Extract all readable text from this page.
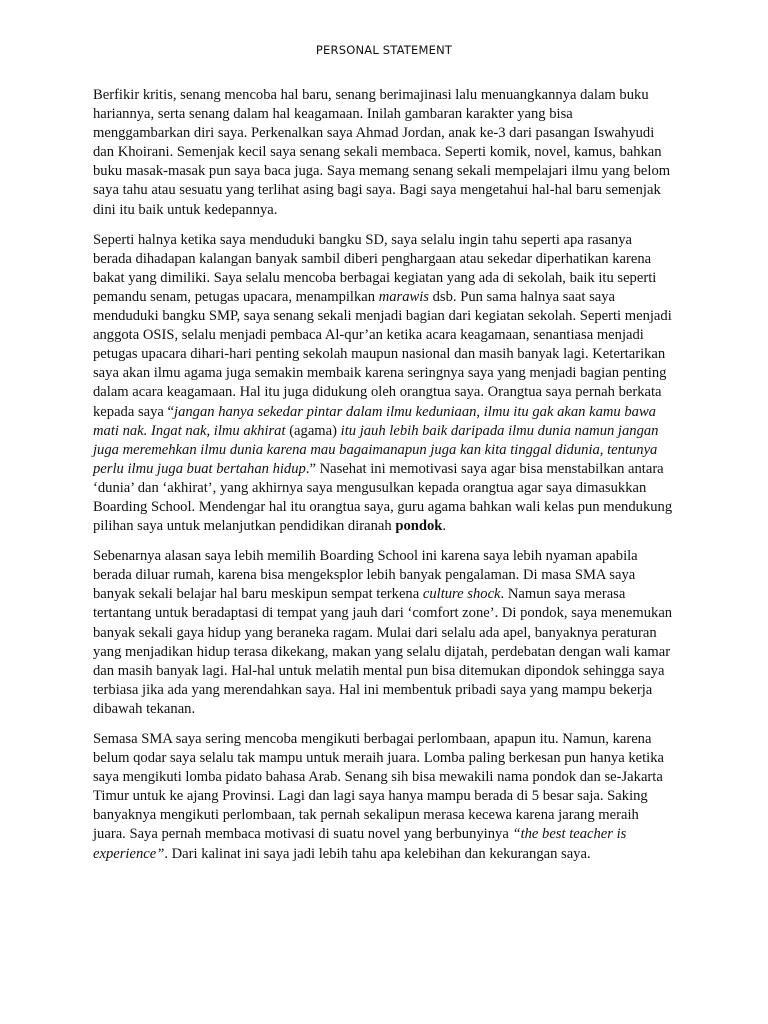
PERSONAL STATEMENT

Berfikir kritis, senang mencoba hal baru, senang berimajinasi lalu menuangkannya dalam buku hariannya, serta senang dalam hal keagamaan. Inilah gambaran karakter yang bisa menggambarkan diri saya. Perkenalkan saya Ahmad Jordan, anak ke-3 dari pasangan Iswahyudi dan Khoirani. Semenjak kecil saya senang sekali membaca. Seperti komik, novel, kamus, bahkan buku masak-masak pun saya baca juga. Saya memang senang sekali mempelajari ilmu yang belom saya tahu atau sesuatu yang terlihat asing bagi saya. Bagi saya mengetahui hal-hal baru semenjak dini itu baik untuk kedepannya.

Seperti halnya ketika saya menduduki bangku SD, saya selalu ingin tahu seperti apa rasanya berada dihadapan kalangan banyak sambil diberi penghargaan atau sekedar diperhatikan karena bakat yang dimiliki. Saya selalu mencoba berbagai kegiatan yang ada di sekolah, baik itu seperti pemandu senam, petugas upacara, menampilkan marawis dsb. Pun sama halnya saat saya menduduki bangku SMP, saya senang sekali menjadi bagian dari kegiatan sekolah. Seperti menjadi anggota OSIS, selalu menjadi pembaca Al-qur’an ketika acara keagamaan, senantiasa menjadi petugas upacara dihari-hari penting sekolah maupun nasional dan masih banyak lagi. Ketertarikan saya akan ilmu agama juga semakin membaik karena seringnya saya yang menjadi bagian penting dalam acara keagamaan. Hal itu juga didukung oleh orangtua saya. Orangtua saya pernah berkata kepada saya “jangan hanya sekedar pintar dalam ilmu keduniaan, ilmu itu gak akan kamu bawa mati nak. Ingat nak, ilmu akhirat (agama) itu jauh lebih baik daripada ilmu dunia namun jangan juga meremehkan ilmu dunia karena mau bagaimanapun juga kan kita tinggal didunia, tentunya perlu ilmu juga buat bertahan hidup.” Nasehat ini memotivasi saya agar bisa menstabilkan antara ‘dunia’ dan ‘akhirat’, yang akhirnya saya mengusulkan kepada orangtua agar saya dimasukkan Boarding School. Mendengar hal itu orangtua saya, guru agama bahkan wali kelas pun mendukung pilihan saya untuk melanjutkan pendidikan diranah pondok.

Sebenarnya alasan saya lebih memilih Boarding School ini karena saya lebih nyaman apabila berada diluar rumah, karena bisa mengeksplor lebih banyak pengalaman. Di masa SMA saya banyak sekali belajar hal baru meskipun sempat terkena culture shock. Namun saya merasa tertantang untuk beradaptasi di tempat yang jauh dari ‘comfort zone’. Di pondok, saya menemukan banyak sekali gaya hidup yang beraneka ragam. Mulai dari selalu ada apel, banyaknya peraturan yang menjadikan hidup terasa dikekang, makan yang selalu dijatah, perdebatan dengan wali kamar dan masih banyak lagi. Hal-hal untuk melatih mental pun bisa ditemukan dipondok sehingga saya terbiasa jika ada yang merendahkan saya. Hal ini membentuk pribadi saya yang mampu bekerja dibawah tekanan.

Semasa SMA saya sering mencoba mengikuti berbagai perlombaan, apapun itu. Namun, karena belum qodar saya selalu tak mampu untuk meraih juara. Lomba paling berkesan pun hanya ketika saya mengikuti lomba pidato bahasa Arab. Senang sih bisa mewakili nama pondok dan se-Jakarta Timur untuk ke ajang Provinsi. Lagi dan lagi saya hanya mampu berada di 5 besar saja. Saking banyaknya mengikuti perlombaan, tak pernah sekalipun merasa kecewa karena jarang meraih juara. Saya pernah membaca motivasi di suatu novel yang berbunyinya “the best teacher is experience”. Dari kalinat ini saya jadi lebih tahu apa kelebihan dan kekurangan saya.
